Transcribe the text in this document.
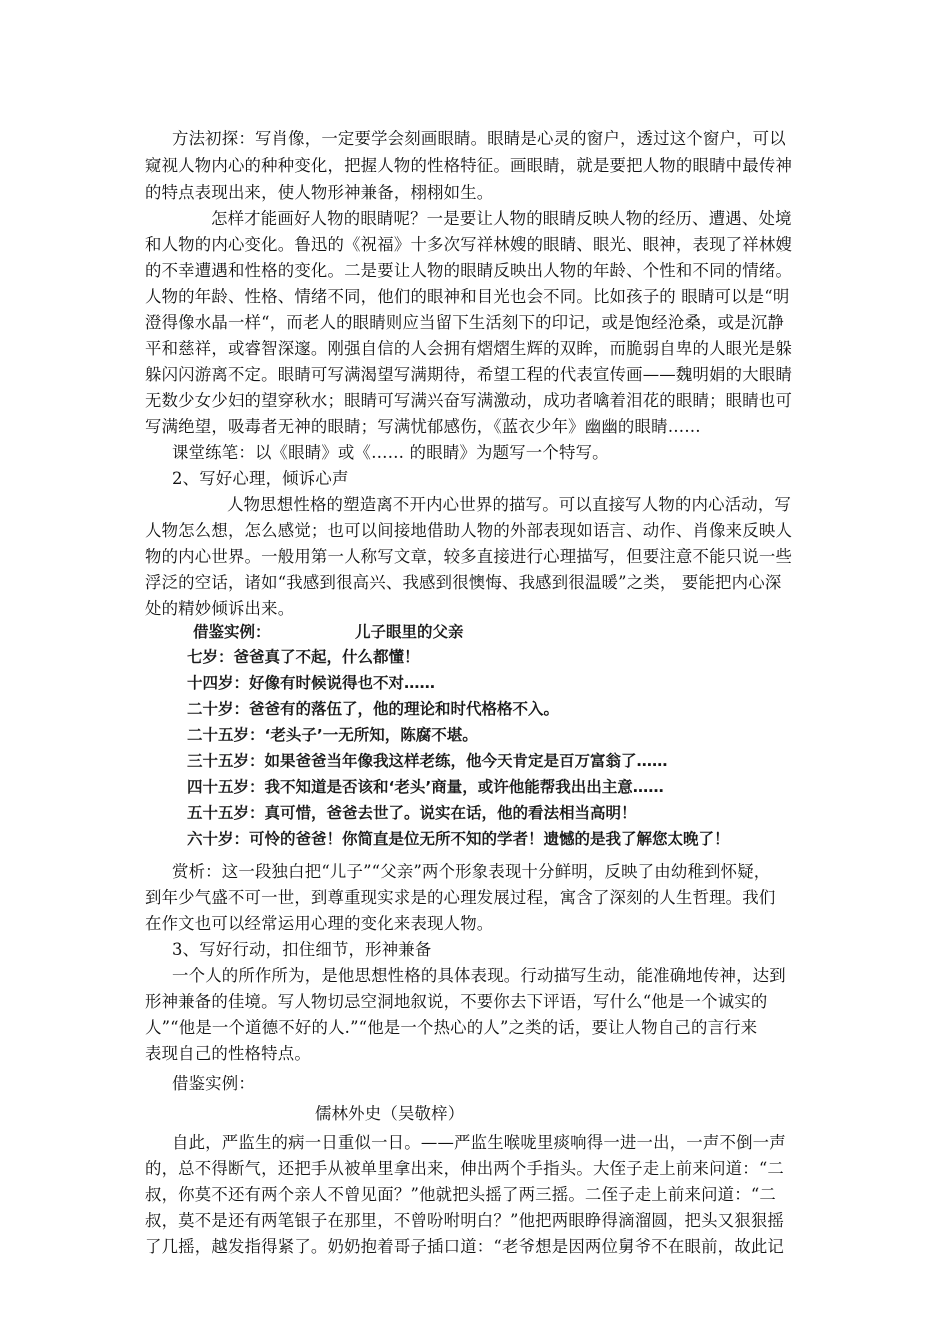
方法初探：写肖像，一定要学会刻画眼睛。眼睛是心灵的窗户，透过这个窗户，可以
窥视人物内心的种种变化，把握人物的性格特征。画眼睛，就是要把人物的眼睛中最传神
的特点表现出来，使人物形神兼备，栩栩如生。
怎样才能画好人物的眼睛呢？一是要让人物的眼睛反映人物的经历、遭遇、处境
和人物的内心变化。鲁迅的《祝福》十多次写祥林嫂的眼睛、眼光、眼神，表现了祥林嫂
的不幸遭遇和性格的变化。二是要让人物的眼睛反映出人物的年龄、个性和不同的情绪。
人物的年龄、性格、情绪不同，他们的眼神和目光也会不同。比如孩子的 眼睛可以是“明
澄得像水晶一样“，而老人的眼睛则应当留下生活刻下的印记，或是饱经沧桑，或是沉静
平和慈祥，或睿智深邃。刚强自信的人会拥有熠熠生辉的双眸，而脆弱自卑的人眼光是躲
躲闪闪游离不定。眼睛可写满渴望写满期待，希望工程的代表宣传画——魏明娟的大眼睛
无数少女少妇的望穿秋水；眼睛可写满兴奋写满激动，成功者噙着泪花的眼睛；眼睛也可
写满绝望，吸毒者无神的眼睛；写满忧郁感伤，《蓝衣少年》幽幽的眼睛……
课堂练笔：以《眼睛》或《…… 的眼睛》为题写一个特写。
2、写好心理，倾诉心声
人物思想性格的塑造离不开内心世界的描写。可以直接写人物的内心活动，写
人物怎么想，怎么感觉；也可以间接地借助人物的外部表现如语言、动作、肖像来反映人
物的内心世界。一般用第一人称写文章，较多直接进行心理描写，但要注意不能只说一些
浮泛的空话，诸如“我感到很高兴、我感到很懊悔、我感到很温暖”之类， 要能把内心深
处的精妙倾诉出来。
借鉴实例：	儿子眼里的父亲
七岁：爸爸真了不起，什么都懂！
十四岁：好像有时候说得也不对……
二十岁：爸爸有的落伍了，他的理论和时代格格不入。
二十五岁：‘老头子’一无所知，陈腐不堪。
三十五岁：如果爸爸当年像我这样老练，他今天肯定是百万富翁了……
四十五岁：我不知道是否该和‘老头’商量，或许他能帮我出出主意……
五十五岁：真可惜，爸爸去世了。说实在话，他的看法相当高明！
六十岁：可怜的爸爸！你简直是位无所不知的学者！遗憾的是我了解您太晚了！
赏析：这一段独白把“儿子”“父亲”两个形象表现十分鲜明，反映了由幼稚到怀疑，
到年少气盛不可一世，到尊重现实求是的心理发展过程，寓含了深刻的人生哲理。我们
在作文也可以经常运用心理的变化来表现人物。
3、写好行动，扣住细节，形神兼备
一个人的所作所为，是他思想性格的具体表现。行动描写生动，能准确地传神，达到
形神兼备的佳境。写人物切忌空洞地叙说，不要你去下评语，写什么“他是一个诚实的
人”“他是一个道德不好的人.”“他是一个热心的人”之类的话，要让人物自己的言行来
表现自己的性格特点。
借鉴实例：
儒林外史（吴敬梓）
自此，严监生的病一日重似一日。——严监生喉咙里痰响得一进一出，一声不倒一声
的，总不得断气，还把手从被单里拿出来，伸出两个手指头。大侄子走上前来问道：“二
叔，你莫不还有两个亲人不曾见面？”他就把头摇了两三摇。二侄子走上前来问道：“二
叔，莫不是还有两笔银子在那里，不曾吩咐明白？”他把两眼睁得滴溜圆，把头又狠狠摇
了几摇，越发指得紧了。奶奶抱着哥子插口道：“老爷想是因两位舅爷不在眼前，故此记
